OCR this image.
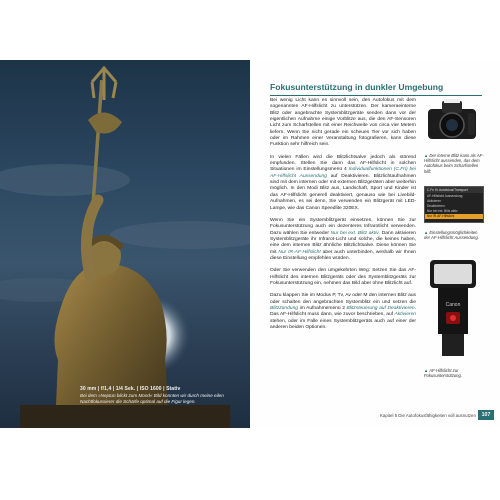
30 mm | f/1,4 | 1/4 Sek. | ISO 1600 | Stativ

Bei dem »Neptun blickt zum Mond« Bild konnten wir durch meine eilen Nachtfokussierer die Schärfe optimal auf die Figur legen.

Fokusunterstützung in dunkler Umgebung

Bei wenig Licht kann es sinnvoll sein, den Autofokus mit dem sogenannten AF-Hilfslicht zu unterstützen. Der kameraeinterne Blitz oder angebrachte Systemblitzgeräte senden dann vor der eigentlichen Aufnahme einige Vorblitze aus, die den AF-Sensoren Licht zum Scharfstellen mit einer Reichweite von circa vier Metern liefern. Wenn Sie nicht gerade ein scheues Tier vor sich haben oder im Rahmen einer Veranstaltung fotografieren, kann diese Funktion sehr hilfreich sein.

In vielen Fällen wird die Blitzlichtsalve jedoch als störend empfunden. Stellen Sie dann das AF-Hilfslicht in solchen Situationen im Einstellungsmenü 4 Individualfunktionen (C.Fn) bei AF-Hilfslicht Aussendung auf Deaktivieren. Blitzlichtaufnahmen sind mit dem internen oder mit externen Blitzgeräten aber weiterhin möglich. In den Modi Blitz aus, Landschaft, Sport und Kinder ist das AF-Hilfslicht generell deaktiviert, genauso wie bei Livebild-Aufnahmen, es sei denn, Sie verwenden ein Blitzgerät mit LED-Lampe, wie das Canon Speedlite 320EX.

Wenn Sie ein Systemblitzgerät einsetzen, können Sie zur Fokusunterstützung auch ein dezenteres Infrarotlicht verwenden. Dazu wählen Sie entweder Nur bei ext. Blitz aktiv. Dann aktivieren Systemblitzgeräte ihr Infrarot-Licht und solche, die keines haben, eine dem internen Blitz ähnliche Blitzlichtsalve. Diese können Sie mit Nur IR-AF-Hilfslicht aber auch unterbinden, weshalb wir Ihnen diese Einstellung empfehlen würden.

Oder Sie verwenden den umgekehrten Weg: Setzen Sie das AF-Hilfslicht des internen Blitzgeräts oder des Systemblitzgeräts zur Fokusunterstützung ein, nehmen das Bild aber ohne Blitzlicht auf.

Dazu klappen Sie im Modus P, Tv, Av oder M den internen Blitz aus oder schalten den angebrachten Systemblitz ein und setzen die Blitzzündung im Aufnahmemenü 2 Blitzsteuerung auf Deaktivieren. Das AF-Hilfslicht muss dann, wie zuvor beschrieben, auf Aktivieren stehen, oder im Falle eines Systemblitzgeräts auch auf einer der anderen beiden Optionen.

▲ Der interne Blitz kann als AF-Hilfslicht aussenden, das dem Autofokus beim Scharfstellen hilft.
C.Fn III: Autofokus/Transport
AF-Hilfslicht Aussendung
Aktivieren
Deaktivieren
Nur bei ext. Blitz aktiv
Nur IR-AF-Hilfslicht
▲ Einstellungsmöglichkeiten der AF-Hilfslicht Aussendung.
Canon
▲ AF-Hilfslicht zur Fokusunterstützung.

Kapitel 5 Die Autofokusfähigkeiten voll ausnutzen	107
